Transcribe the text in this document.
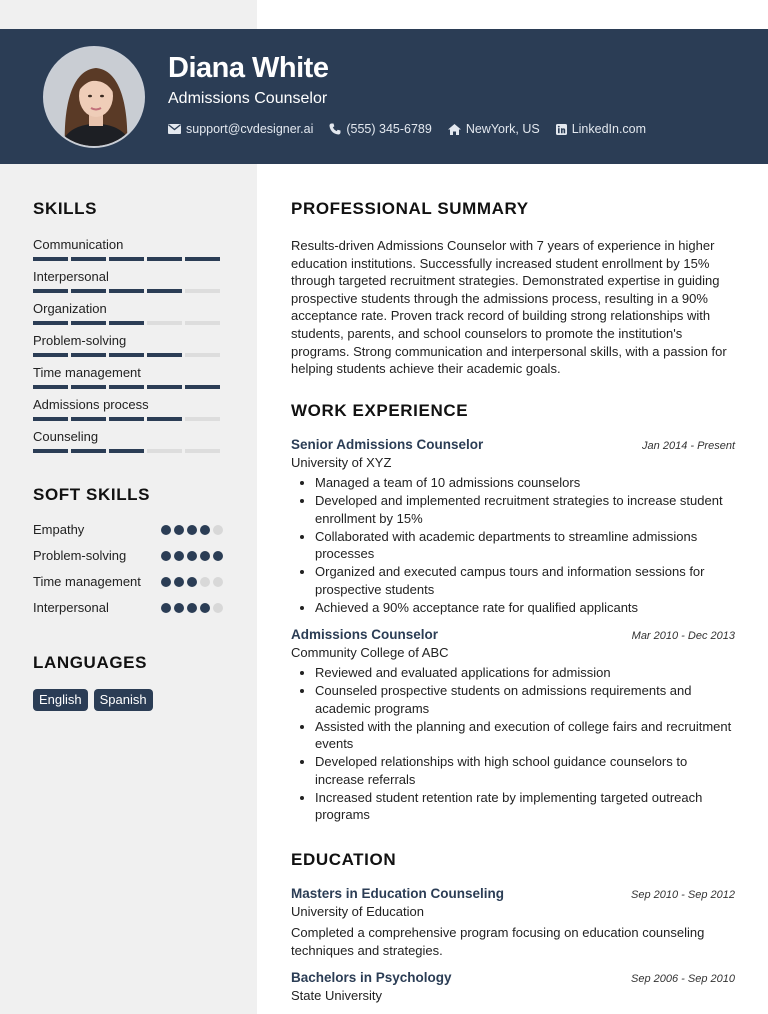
Diana White
Admissions Counselor
support@cvdesigner.ai	(555) 345-6789	NewYork, US	LinkedIn.com
SKILLS
Communication
Interpersonal
Organization
Problem-solving
Time management
Admissions process
Counseling
SOFT SKILLS
Empathy
Problem-solving
Time management
Interpersonal
LANGUAGES
English	Spanish
PROFESSIONAL SUMMARY
Results-driven Admissions Counselor with 7 years of experience in higher education institutions. Successfully increased student enrollment by 15% through targeted recruitment strategies. Demonstrated expertise in guiding prospective students through the admissions process, resulting in a 90% acceptance rate. Proven track record of building strong relationships with students, parents, and school counselors to promote the institution's programs. Strong communication and interpersonal skills, with a passion for helping students achieve their academic goals.
WORK EXPERIENCE
Senior Admissions Counselor	Jan 2014 - Present
University of XYZ
• Managed a team of 10 admissions counselors
• Developed and implemented recruitment strategies to increase student enrollment by 15%
• Collaborated with academic departments to streamline admissions processes
• Organized and executed campus tours and information sessions for prospective students
• Achieved a 90% acceptance rate for qualified applicants
Admissions Counselor	Mar 2010 - Dec 2013
Community College of ABC
• Reviewed and evaluated applications for admission
• Counseled prospective students on admissions requirements and academic programs
• Assisted with the planning and execution of college fairs and recruitment events
• Developed relationships with high school guidance counselors to increase referrals
• Increased student retention rate by implementing targeted outreach programs
EDUCATION
Masters in Education Counseling	Sep 2010 - Sep 2012
University of Education
Completed a comprehensive program focusing on education counseling techniques and strategies.
Bachelors in Psychology	Sep 2006 - Sep 2010
State University
